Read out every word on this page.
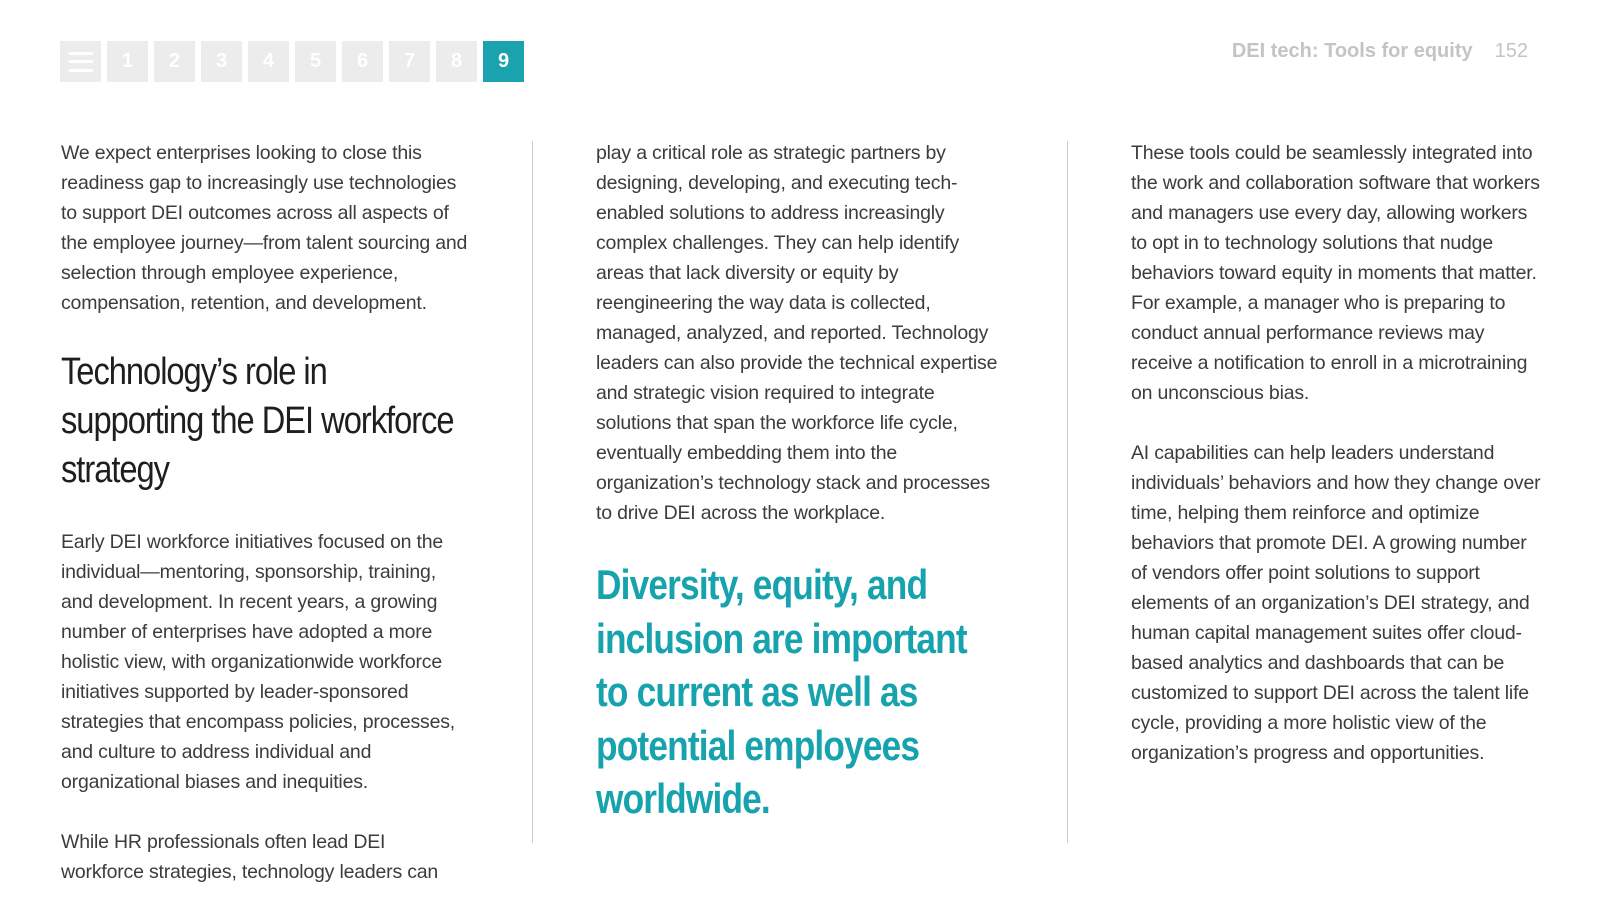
1	2	3	4	5	6	7	8	9	DEI tech: Tools for equity 152

We expect enterprises looking to close this readiness gap to increasingly use technologies to support DEI outcomes across all aspects of the employee journey—from talent sourcing and selection through employee experience, compensation, retention, and development.

Technology’s role in supporting the DEI workforce strategy

Early DEI workforce initiatives focused on the individual—mentoring, sponsorship, training, and development. In recent years, a growing number of enterprises have adopted a more holistic view, with organizationwide workforce initiatives supported by leader-sponsored strategies that encompass policies, processes, and culture to address individual and organizational biases and inequities.

While HR professionals often lead DEI workforce strategies, technology leaders can

play a critical role as strategic partners by designing, developing, and executing tech-enabled solutions to address increasingly complex challenges. They can help identify areas that lack diversity or equity by reengineering the way data is collected, managed, analyzed, and reported. Technology leaders can also provide the technical expertise and strategic vision required to integrate solutions that span the workforce life cycle, eventually embedding them into the organization’s technology stack and processes to drive DEI across the workplace.

Diversity, equity, and inclusion are important to current as well as potential employees worldwide.

These tools could be seamlessly integrated into the work and collaboration software that workers and managers use every day, allowing workers to opt in to technology solutions that nudge behaviors toward equity in moments that matter. For example, a manager who is preparing to conduct annual performance reviews may receive a notification to enroll in a microtraining on unconscious bias.

AI capabilities can help leaders understand individuals’ behaviors and how they change over time, helping them reinforce and optimize behaviors that promote DEI. A growing number of vendors offer point solutions to support elements of an organization’s DEI strategy, and human capital management suites offer cloud-based analytics and dashboards that can be customized to support DEI across the talent life cycle, providing a more holistic view of the organization’s progress and opportunities.
